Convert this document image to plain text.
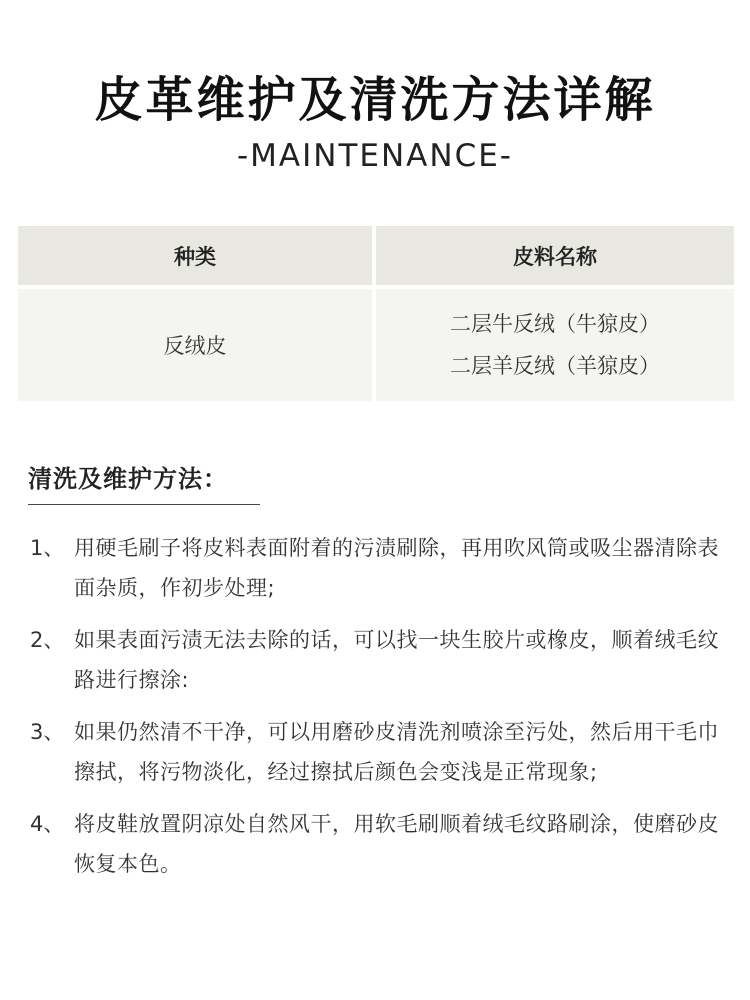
皮革维护及清洗方法详解
-MAINTENANCE-
种类	皮料名称
反绒皮
二层牛反绒（牛猄皮）
二层羊反绒（羊猄皮）
清洗及维护方法：
1、 用硬毛刷子将皮料表面附着的污渍刷除，再用吹风筒或吸尘器清除表面杂质，作初步处理;
2、 如果表面污渍无法去除的话，可以找一块生胶片或橡皮，顺着绒毛纹路进行擦涂:
3、 如果仍然清不干净，可以用磨砂皮清洗剂喷涂至污处，然后用干毛巾擦拭，将污物淡化，经过擦拭后颜色会变浅是正常现象;
4、 将皮鞋放置阴凉处自然风干，用软毛刷顺着绒毛纹路刷涂，使磨砂皮恢复本色。
